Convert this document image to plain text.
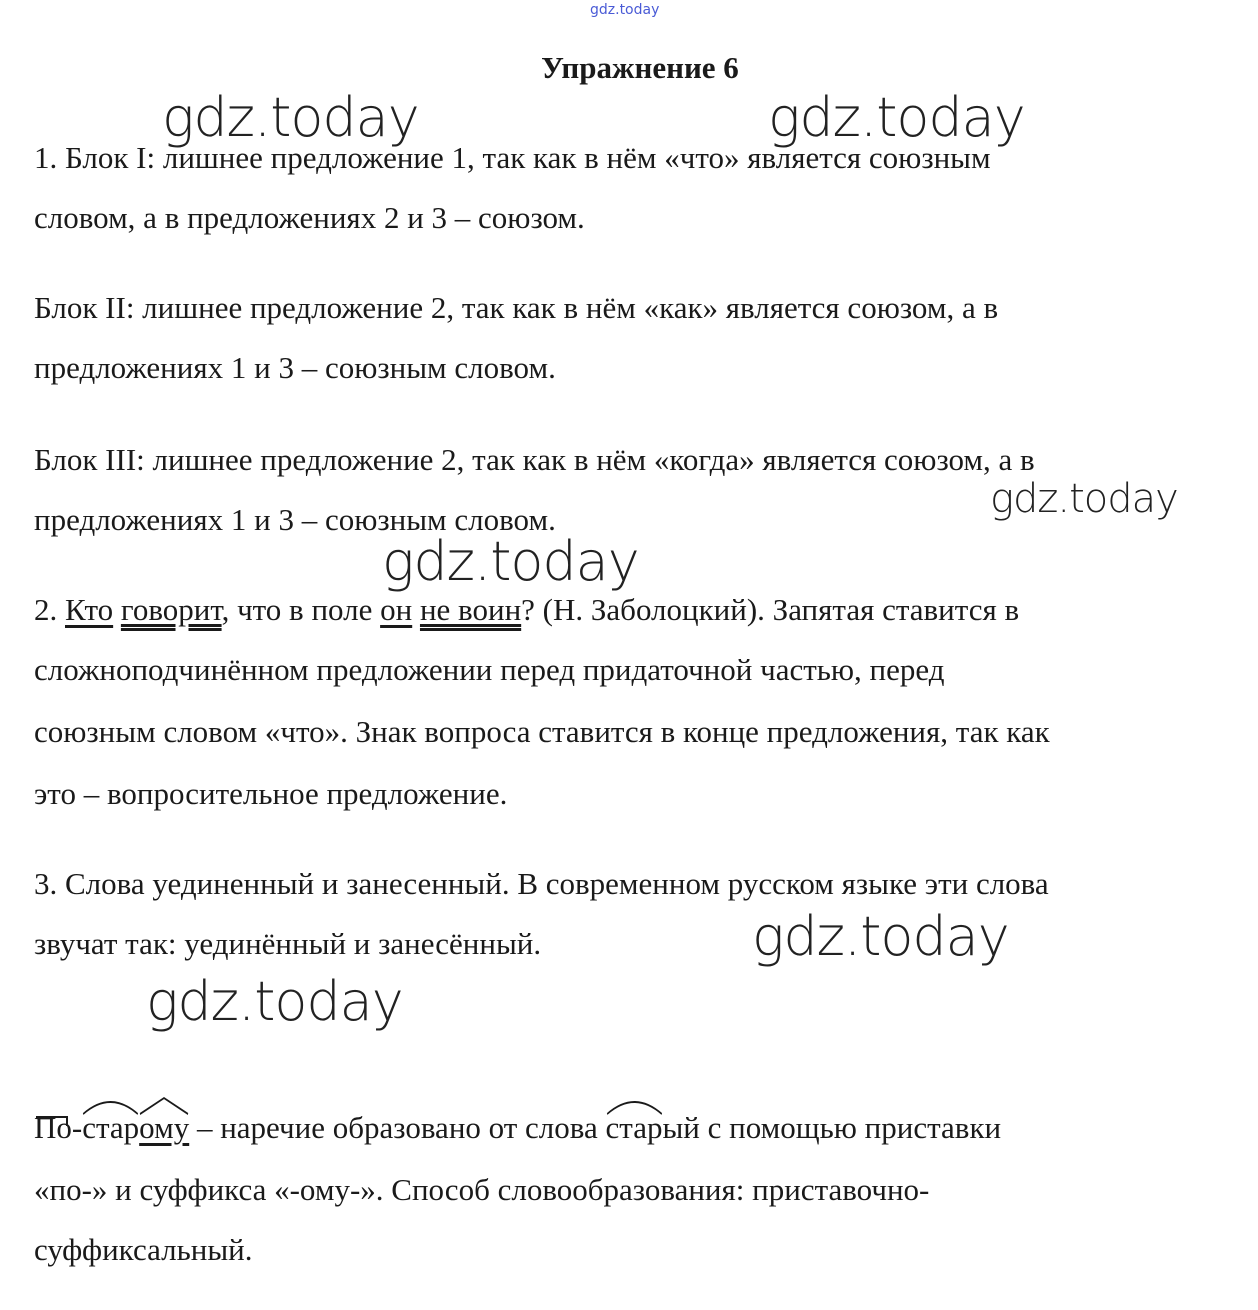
gdz.today
Упражнение 6
1. Блок I: лишнее предложение 1, так как в нём «что» является союзным
словом, а в предложениях 2 и 3 – союзом.
Блок II: лишнее предложение 2, так как в нём «как» является союзом, а в
предложениях 1 и 3 – союзным словом.
Блок III: лишнее предложение 2, так как в нём «когда» является союзом, а в
предложениях 1 и 3 – союзным словом.
2. Кто говорит, что в поле он не воин? (Н. Заболоцкий). Запятая ставится в
сложноподчинённом предложении перед придаточной частью, перед
союзным словом «что». Знак вопроса ставится в конце предложения, так как
это – вопросительное предложение.
3. Слова уединенный и занесенный. В современном русском языке эти слова
звучат так: уединённый и занесённый.
По-
стар
ому – наречие образовано от слова
старый с помощью приставки
«по-» и суффикса «-ому-». Способ словообразования: приставочно-
суффиксальный.
gdz.today	gdz.today
gdz.today
gdz.today
gdz.today
gdz.today
